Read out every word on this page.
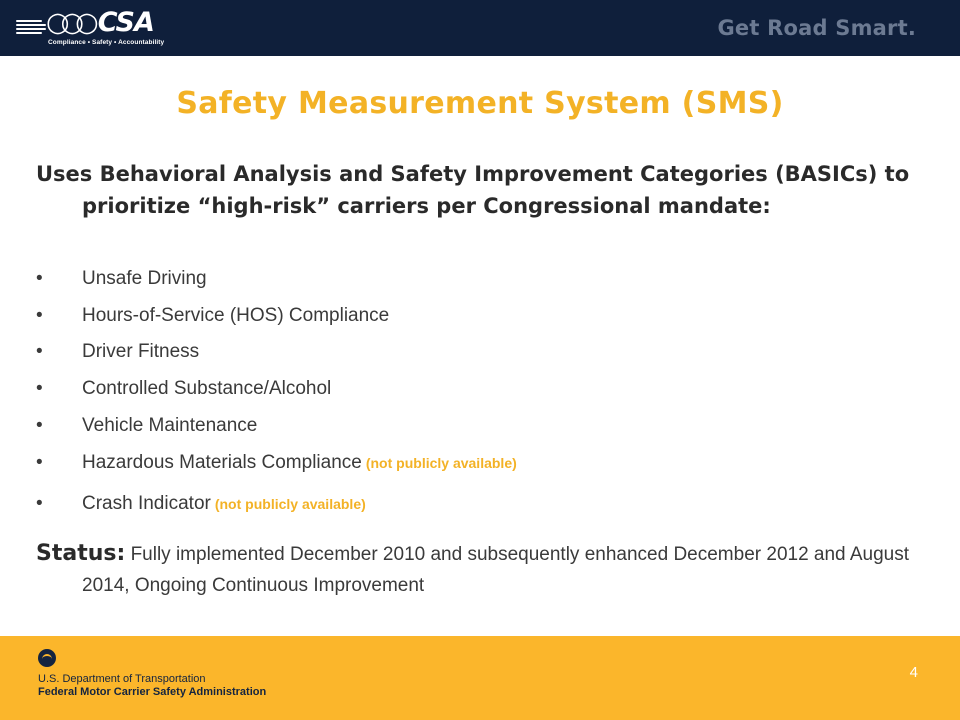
○○○ CSA
Compliance • Safety • Accountability
Get Road Smart.
Safety Measurement System (SMS)
Uses Behavioral Analysis and Safety Improvement Categories (BASICs) to prioritize “high-risk” carriers per Congressional mandate:
• Unsafe Driving
• Hours-of-Service (HOS) Compliance
• Driver Fitness
• Controlled Substance/Alcohol
• Vehicle Maintenance
• Hazardous Materials Compliance (not publicly available)
• Crash Indicator (not publicly available)
Status: Fully implemented December 2010 and subsequently enhanced December 2012 and August 2014, Ongoing Continuous Improvement
U.S. Department of Transportation
Federal Motor Carrier Safety Administration
4
